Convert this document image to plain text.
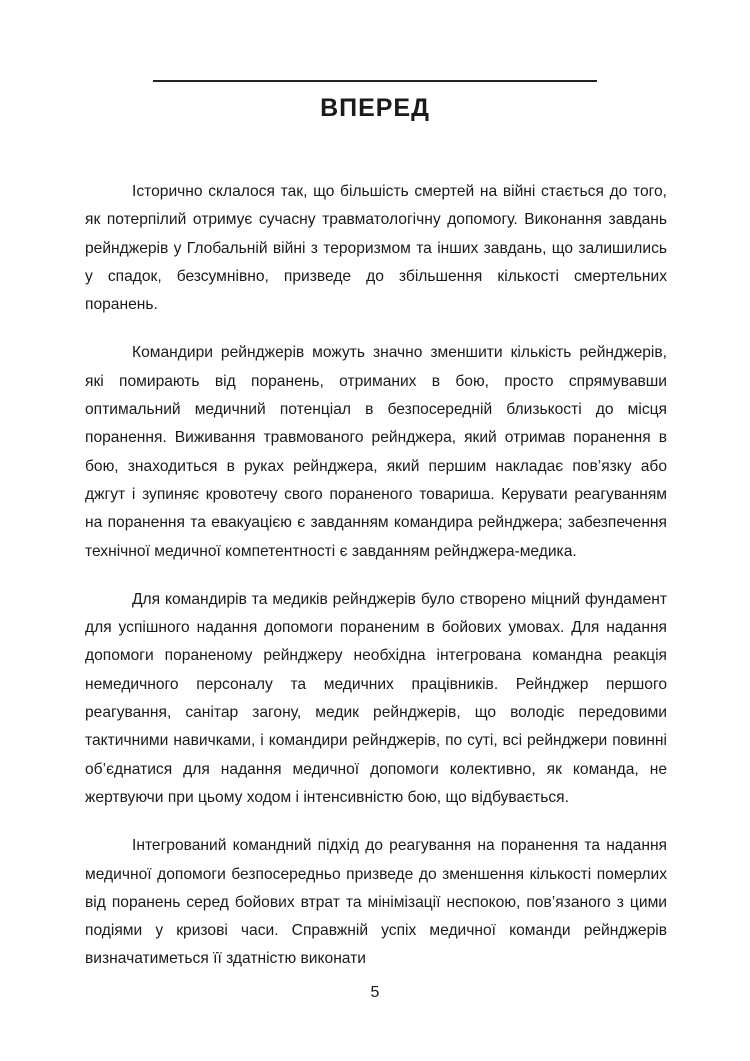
ВПЕРЕД

Історично склалося так, що більшість смертей на війні стається до того, як потерпілий отримує сучасну травматологічну допомогу. Виконання завдань рейнджерів у Глобальній війні з тероризмом та інших завдань, що залишились у спадок, безсумнівно, призведе до збільшення кількості смертельних поранень.

Командири рейнджерів можуть значно зменшити кількість рейнджерів, які помирають від поранень, отриманих в бою, просто спрямувавши оптимальний медичний потенціал в безпосередній близькості до місця поранення. Виживання травмованого рейнджера, який отримав поранення в бою, знаходиться в руках рейнджера, який першим накладає пов’язку або джгут і зупиняє кровотечу свого пораненого товариша. Керувати реагуванням на поранення та евакуацією є завданням командира рейнджера; забезпечення технічної медичної компетентності є завданням рейнджера-медика.

Для командирів та медиків рейнджерів було створено міцний фундамент для успішного надання допомоги пораненим в бойових умовах. Для надання допомоги пораненому рейнджеру необхідна інтегрована командна реакція немедичного персоналу та медичних працівників. Рейнджер першого реагування, санітар загону, медик рейнджерів, що володіє передовими тактичними навичками, і командири рейнджерів, по суті, всі рейнджери повинні об’єднатися для надання медичної допомоги колективно, як команда, не жертвуючи при цьому ходом і інтенсивністю бою, що відбувається.

Інтегрований командний підхід до реагування на поранення та надання медичної допомоги безпосередньо призведе до зменшення кількості померлих від поранень серед бойових втрат та мінімізації неспокою, пов’язаного з цими подіями у кризові часи. Справжній успіх медичної команди рейнджерів визначатиметься її здатністю виконати

5
